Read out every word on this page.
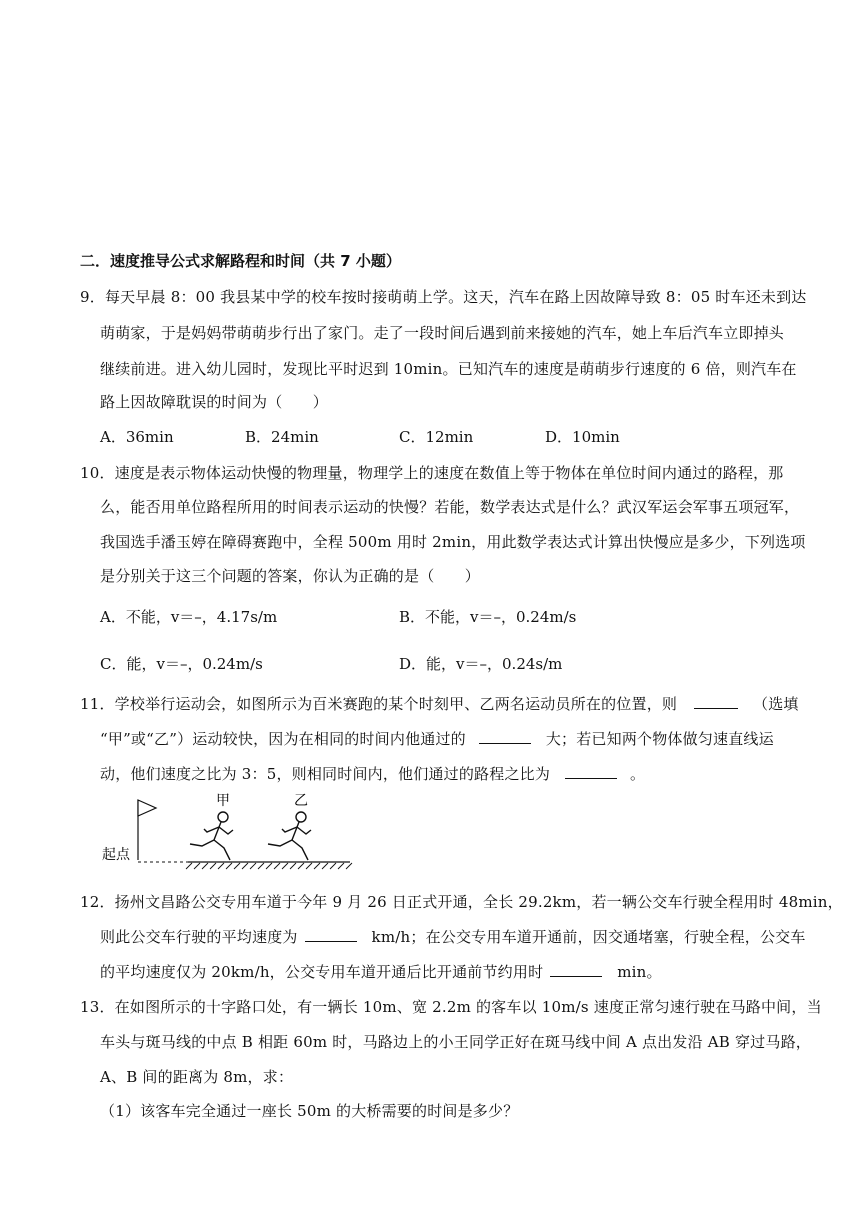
二．速度推导公式求解路程和时间（共 7 小题）
9．每天早晨 8：00 我县某中学的校车按时接萌萌上学。这天，汽车在路上因故障导致 8：05 时车还未到达
萌萌家，于是妈妈带萌萌步行出了家门。走了一段时间后遇到前来接她的汽车，她上车后汽车立即掉头
继续前进。进入幼儿园时，发现比平时迟到 10min。已知汽车的速度是萌萌步行速度的 6 倍，则汽车在
路上因故障耽误的时间为（　　）
A．36min	B．24min	C．12min	D．10min
10．速度是表示物体运动快慢的物理量，物理学上的速度在数值上等于物体在单位时间内通过的路程，那
么，能否用单位路程所用的时间表示运动的快慢？若能，数学表达式是什么？武汉军运会军事五项冠军，
我国选手潘玉婷在障碍赛跑中，全程 500m 用时 2min，用此数学表达式计算出快慢应是多少，下列选项
是分别关于这三个问题的答案，你认为正确的是（　　）
A．不能，v＝–，4.17s/m	B．不能，v＝–，0.24m/s
C．能，v＝–，0.24m/s	D．能，v＝–，0.24s/m
11．学校举行运动会，如图所示为百米赛跑的某个时刻甲、乙两名运动员所在的位置，则	（选填
“甲”或“乙”）运动较快，因为在相同的时间内他通过的	大；若已知两个物体做匀速直线运
动，他们速度之比为 3：5，则相同时间内，他们通过的路程之比为	。
起点
甲	乙
12．扬州文昌路公交专用车道于今年 9 月 26 日正式开通，全长 29.2km，若一辆公交车行驶全程用时 48min，
则此公交车行驶的平均速度为	km/h；在公交专用车道开通前，因交通堵塞，行驶全程，公交车
的平均速度仅为 20km/h，公交专用车道开通后比开通前节约用时	min。
13．在如图所示的十字路口处，有一辆长 10m、宽 2.2m 的客车以 10m/s 速度正常匀速行驶在马路中间，当
车头与斑马线的中点 B 相距 60m 时，马路边上的小王同学正好在斑马线中间 A 点出发沿 AB 穿过马路，
A、B 间的距离为 8m，求：
（1）该客车完全通过一座长 50m 的大桥需要的时间是多少？
